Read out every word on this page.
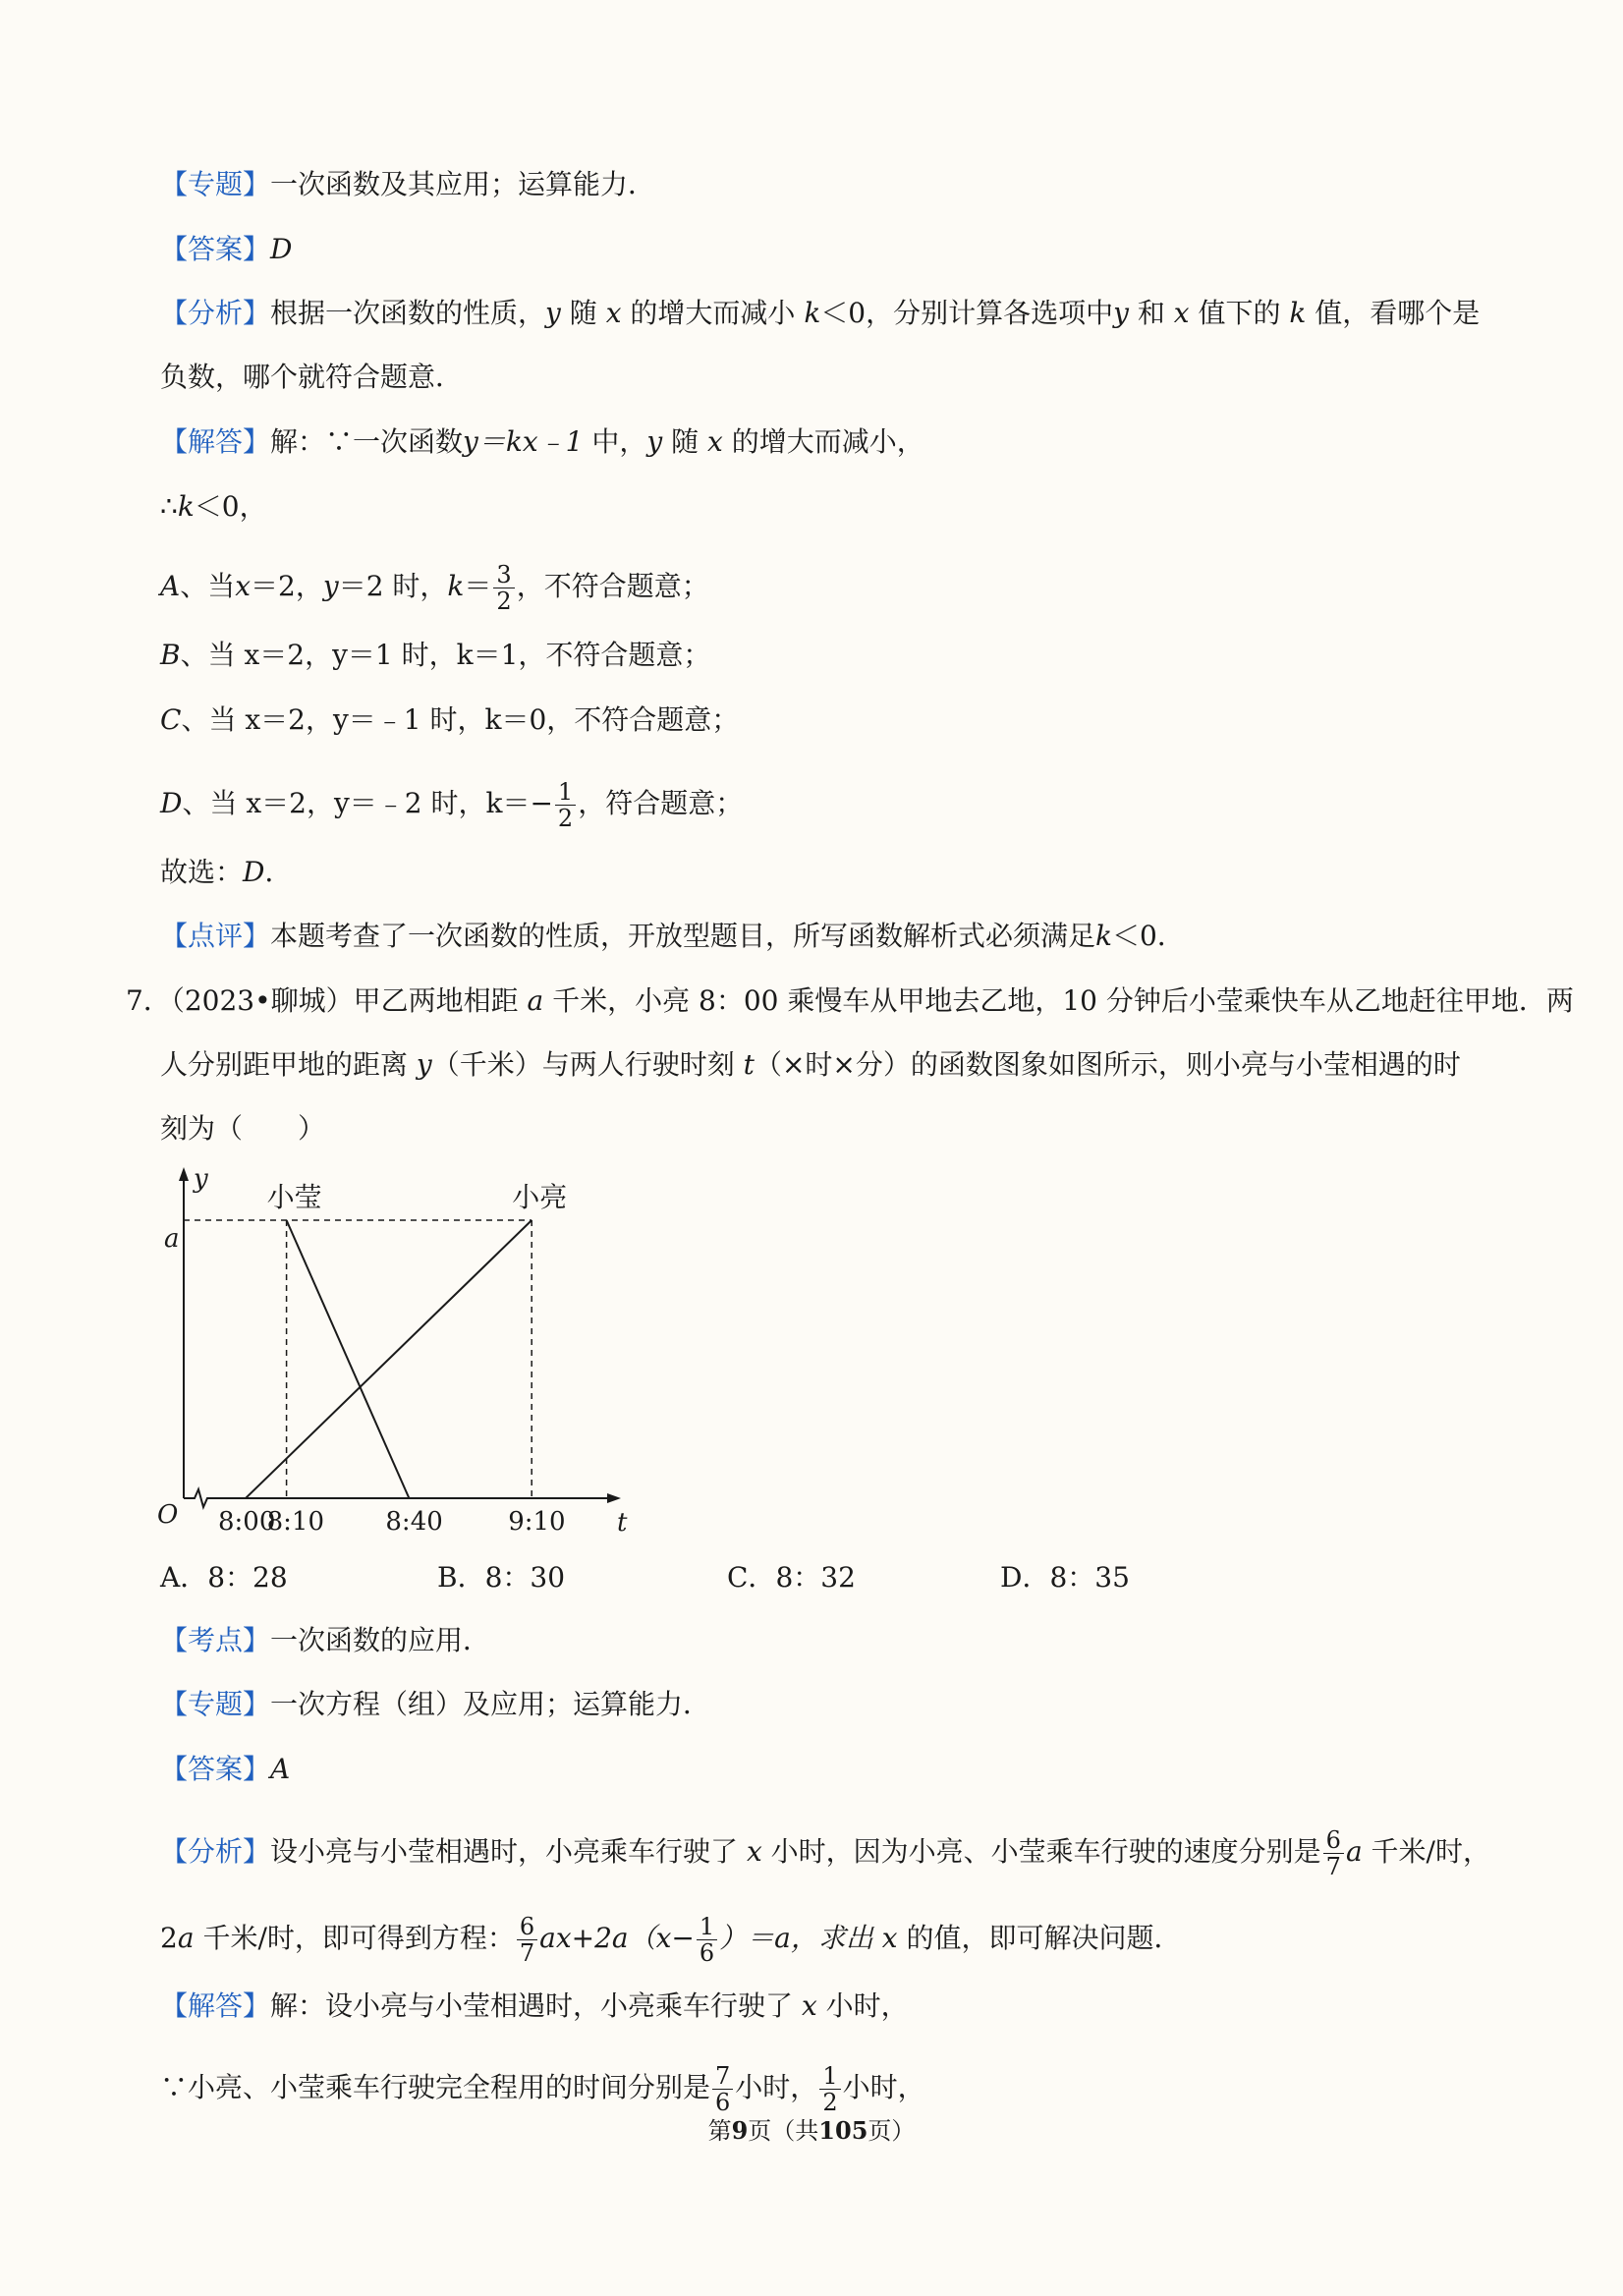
【专题】一次函数及其应用；运算能力．
【答案】D
【分析】根据一次函数的性质，y 随 x 的增大而减小 k＜0，分别计算各选项中y 和 x 值下的 k 值，看哪个是
负数，哪个就符合题意．
【解答】解：∵一次函数y＝kx﹣1 中，y 随 x 的增大而减小，
∴k＜0，
A、当x＝2，y＝2 时，$k= \frac{3}{2}$ ，不符合题意；
B、当 x＝2，y＝1 时，k＝1，不符合题意；
C、当 x＝2，y＝﹣1 时，k＝0，不符合题意；
D、当 x＝2，y＝﹣2 时，$k=- \frac{1}{2}$ ，符合题意；
故选：D．
【点评】本题考查了一次函数的性质，开放型题目，所写函数解析式必须满足k＜0．
7．（2023•聊城）甲乙两地相距 a 千米，小亮 8：00 乘慢车从甲地去乙地，10 分钟后小莹乘快车从乙地赶往甲地．两
人分别距甲地的距离 y（千米）与两人行驶时刻 t（×时×分）的函数图象如图所示，则小亮与小莹相遇的时
刻为（　　）
y
t
O
a
小亮
小莹
8:00
8:10 8:40	9:10
A．8：28	B．8：30	C．8：32	D．8：35
【考点】一次函数的应用．
【专题】一次方程（组）及应用；运算能力．
【答案】A
【分析】设小亮与小莹相遇时，小亮乘车行驶了 x 小时，因为小亮、小莹乘车行驶的速度分别是 $\frac{6}{7}$ a 千米/时，
2a 千米/时，即可得到方程： $\frac{6}{7} ax+2a(x- \frac{1}{6} )=a$，求出 x 的值，即可解决问题．
【解答】解：设小亮与小莹相遇时，小亮乘车行驶了 x 小时，
∵小亮、小莹乘车行驶完全程用的时间分别是 $\frac{7}{6}$ 小时， $\frac{1}{2}$ 小时，
第9页（共105页）
